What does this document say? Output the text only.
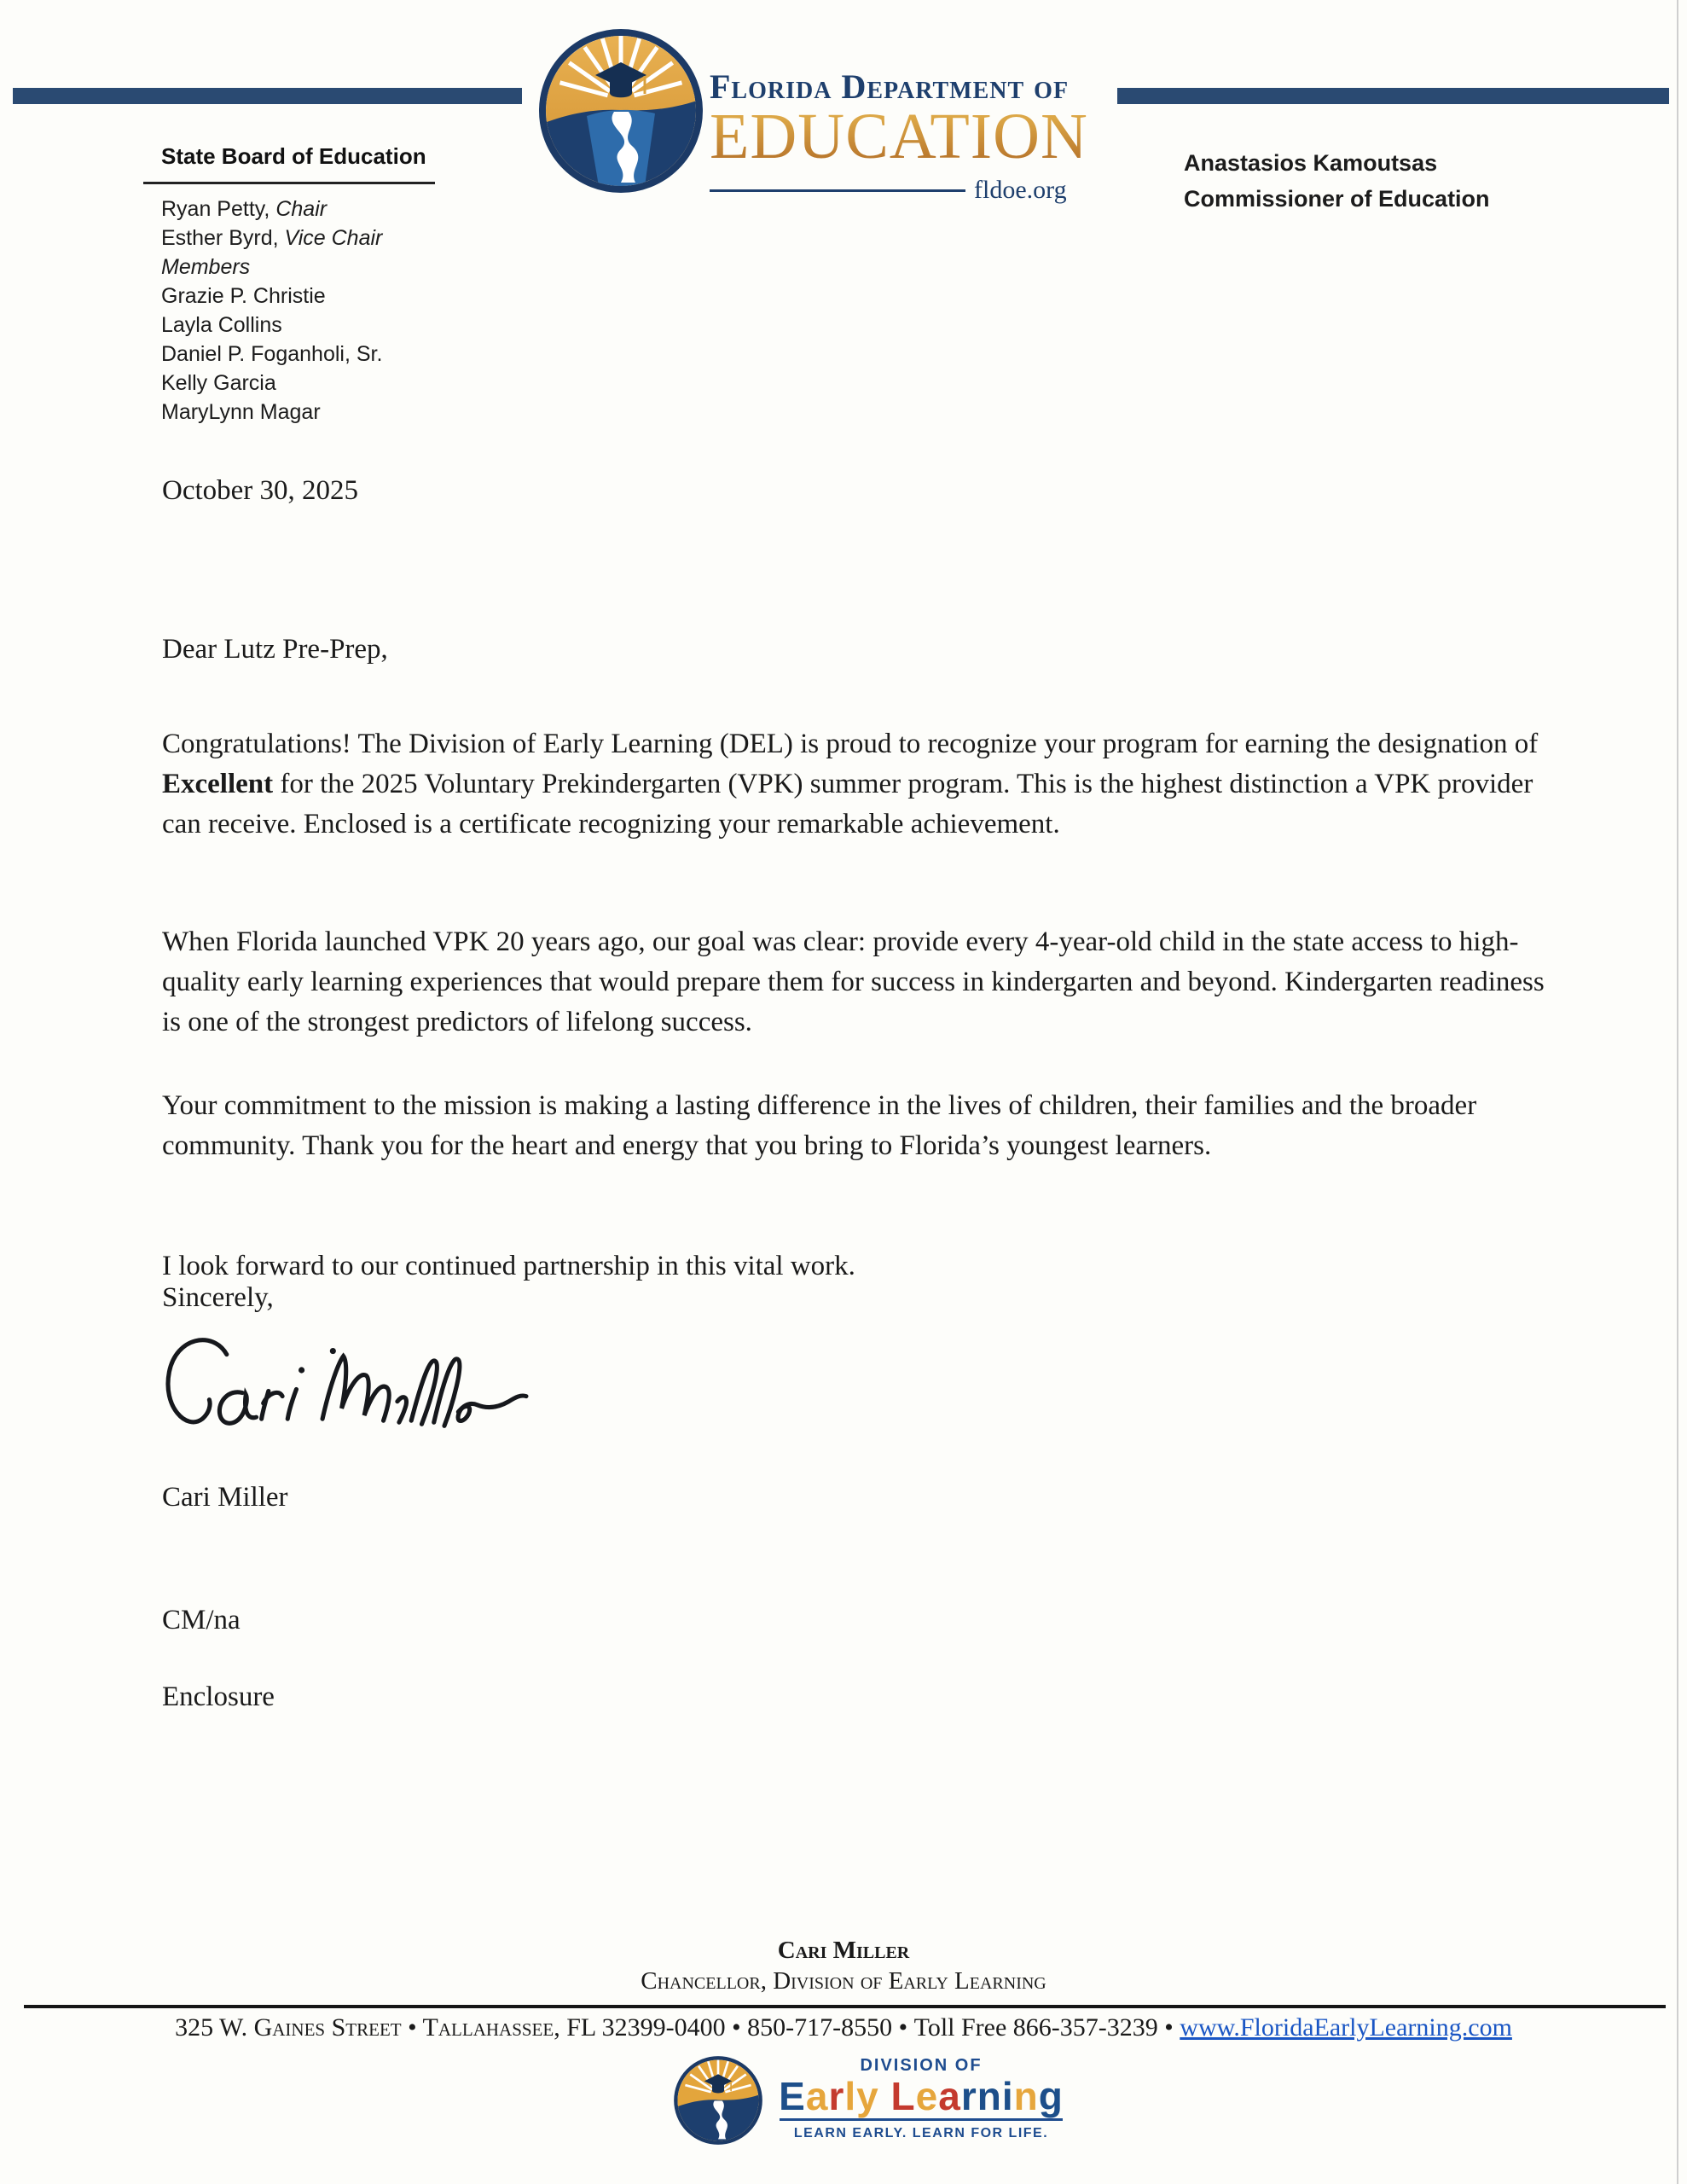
Florida Department of
EDUCATION
fldoe.org
State Board of Education
Ryan Petty, Chair
Esther Byrd, Vice Chair
Members
Grazie P. Christie
Layla Collins
Daniel P. Foganholi, Sr.
Kelly Garcia
MaryLynn Magar
Anastasios Kamoutsas
Commissioner of Education
October 30, 2025
Dear Lutz Pre-Prep,

Congratulations! The Division of Early Learning (DEL) is proud to recognize your program for earning the designation of Excellent for the 2025 Voluntary Prekindergarten (VPK) summer program. This is the highest distinction a VPK provider can receive. Enclosed is a certificate recognizing your remarkable achievement.

When Florida launched VPK 20 years ago, our goal was clear: provide every 4-year-old child in the state access to high-quality early learning experiences that would prepare them for success in kindergarten and beyond. Kindergarten readiness is one of the strongest predictors of lifelong success.

Your commitment to the mission is making a lasting difference in the lives of children, their families and the broader community. Thank you for the heart and energy that you bring to Florida’s youngest learners.

I look forward to our continued partnership in this vital work.

Sincerely,
Cari Miller
CM/na
Enclosure
Cari Miller
Chancellor, Division of Early Learning
325 W. Gaines Street • Tallahassee, FL 32399-0400 • 850-717-8550 • Toll Free 866-357-3239 • www.FloridaEarlyLearning.com
DIVISION OF
Early Learning
LEARN EARLY. LEARN FOR LIFE.
